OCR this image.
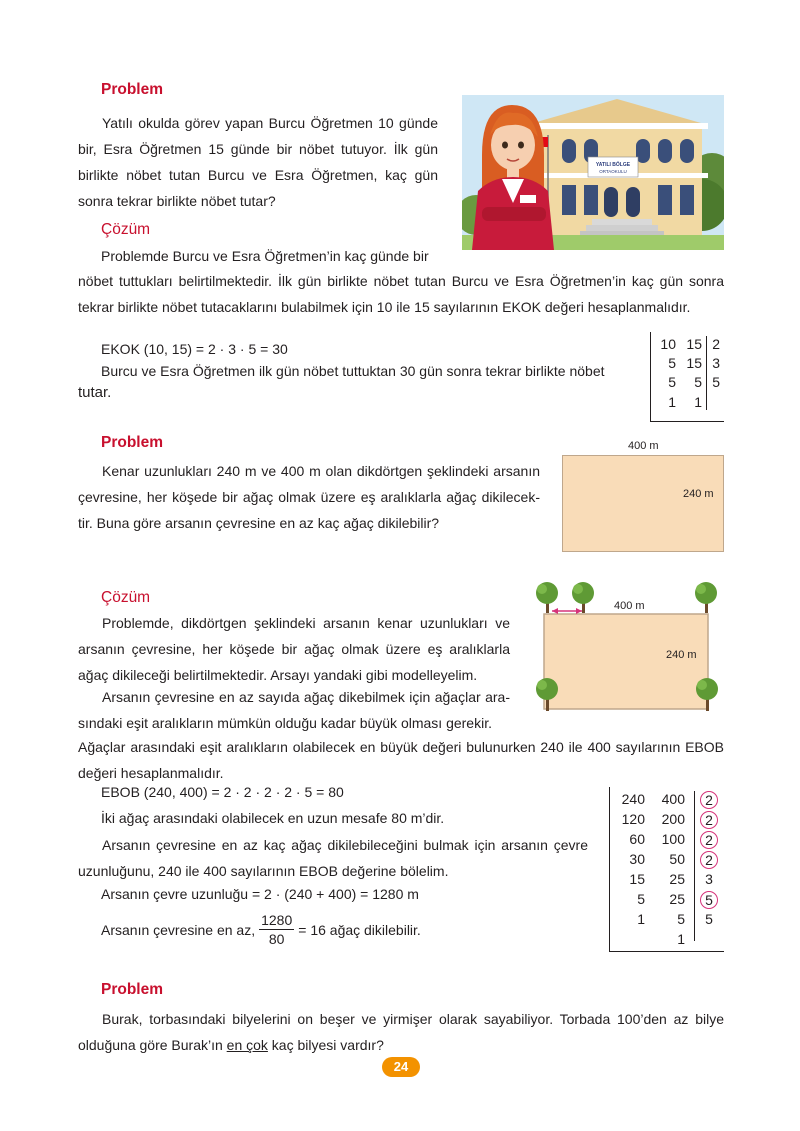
Problem
Yatılı okulda görev yapan Burcu Öğretmen 10 günde bir, Esra Öğretmen 15 günde bir nöbet tutuyor. İlk gün birlikte nöbet tutan Burcu ve Esra Öğretmen, kaç gün sonra tekrar birlikte nöbet tutar?
YATILI BÖLGE
ORTAOKULU
Çözüm
Problemde Burcu ve Esra Öğretmen’in kaç günde bir
nöbet tuttukları belirtilmektedir. İlk gün birlikte nöbet tutan Burcu ve Esra Öğretmen’in kaç gün sonra tekrar birlikte nöbet tutacaklarını bulabilmek için 10 ile 15 sayılarının EKOK değeri hesaplanmalıdır.
EKOK (10, 15) = 2 · 3 · 5 = 30
Burcu ve Esra Öğretmen ilk gün nöbet tuttuktan 30 gün sonra tekrar birlikte nöbet
tutar.
10 15 2
5 15 3
5	5 5
1	1
Problem
Kenar uzunlukları 240 m ve 400 m olan dikdörtgen şeklindeki arsanın çevresine, her köşede bir ağaç olmak üzere eş aralıklarla ağaç dikilecek-tir. Buna göre arsanın çevresine en az kaç ağaç dikilebilir?
400 m
240 m
Çözüm
Problemde, dikdörtgen şeklindeki arsanın kenar uzunlukları ve arsanın çevresine, her köşede bir ağaç olmak üzere eş aralıklarla ağaç dikileceği belirtilmektedir. Arsayı yandaki gibi modelleyelim.
400 m
240 m
Arsanın çevresine en az sayıda ağaç dikebilmek için ağaçlar ara-sındaki eşit aralıkların mümkün olduğu kadar büyük olması gerekir.
Ağaçlar arasındaki eşit aralıkların olabilecek en büyük değeri bulunurken 240 ile 400 sayılarının EBOB değeri hesaplanmalıdır.
EBOB (240, 400) = 2 · 2 · 2 · 2 · 5 = 80
İki ağaç arasındaki olabilecek en uzun mesafe 80 m’dir.
Arsanın çevresine en az kaç ağaç dikilebileceğini bulmak için arsanın çevre uzunluğunu, 240 ile 400 sayılarının EBOB değerine bölelim.
Arsanın çevre uzunluğu = 2 · (240 + 400) = 1280 m
Arsanın çevresine en az, $\frac{1280}{80} = 16$ ağaç dikilebilir.
240	400	2
120	200	2
60	100	2
30	50	2
15	25 3
5	25	5
1	5 5
1
Problem
Burak, torbasındaki bilyelerini on beşer ve yirmişer olarak sayabiliyor. Torbada 100’den az bilye olduğuna göre Burak’ın en çok kaç bilyesi vardır?
24
